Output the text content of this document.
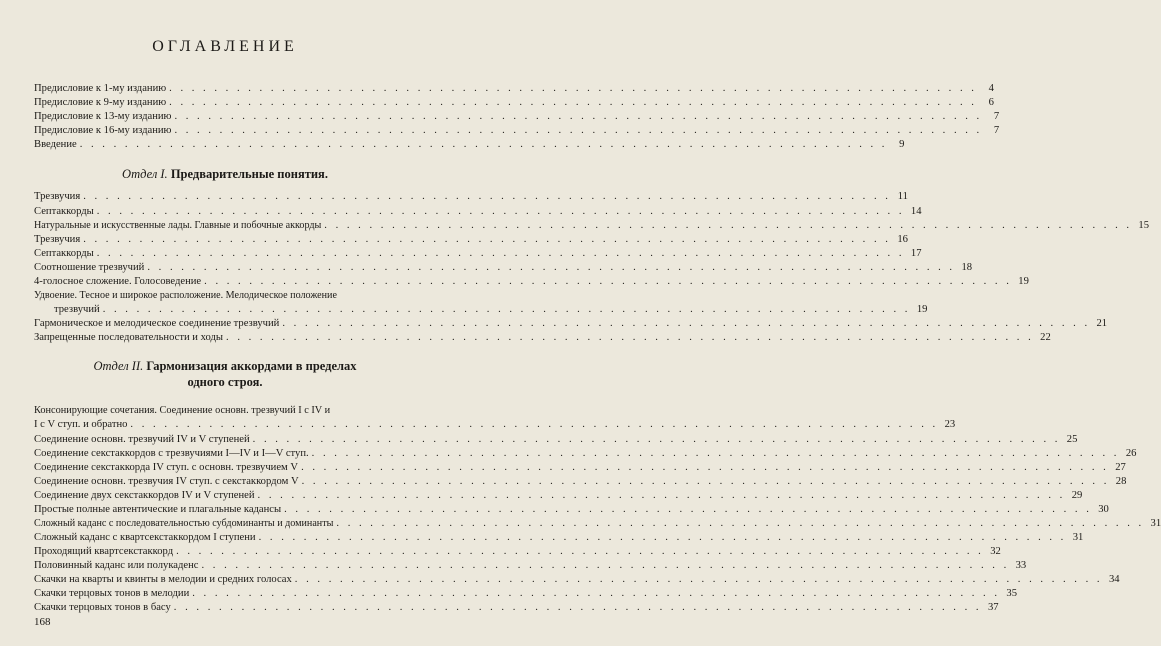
ОГЛАВЛЕНИЕ
Предисловие к 1-му изданию . . .	4
Предисловие к 9-му изданию . . .	6
Предисловие к 13-му изданию . . .	7
Предисловие к 16-му изданию . . .	7
Введение . . .	9
Отдел I. Предварительные понятия.
Трезвучия . . .	11
Септаккорды . . .	14
Натуральные и искусственные лады. Главные и побочные аккорды . . .	15
Трезвучия . . .	16
Септаккорды . . .	17
Соотношение трезвучий . . .	18
4-голосное сложение. Голосоведение . . .	19
Удвоение. Тесное и широкое расположение. Мелодическое положение
трезвучий . . .	19
Гармоническое и мелодическое соединение трезвучий . . .	21
Запрещенные последовательности и ходы . . .	22
Отдел II. Гармонизация аккордами в пределах
одного строя.
Консонирующие сочетания. Соединение основн. трезвучий I с IV и
I с V ступ. и обратно . . .	23
Соединение основн. трезвучий IV и V ступеней . . .	25
Соединение секстаккордов с трезвучиями I—IV и I—V ступ. . . .	26
Соединение секстаккорда IV ступ. с основн. трезвучием V . . .	27
Соединение основн. трезвучия IV ступ. с секстаккордом V . . .	28
Соединение двух секстаккордов IV и V ступеней . . .	29
Простые полные автентические и плагальные кадансы . . .	30
Сложный каданс с последовательностью субдоминанты и доминанты . . .	31
Сложный каданс с квартсекстаккордом I ступени . . .	31
Проходящий квартсекстаккорд . . .	32
Половинный каданс или полукаденс . . .	33
Скачки на кварты и квинты в мелодии и средних голосах . . .	34
Скачки терцовых тонов в мелодии . . .	35
Скачки терцовых тонов в басу . . .	37
168
